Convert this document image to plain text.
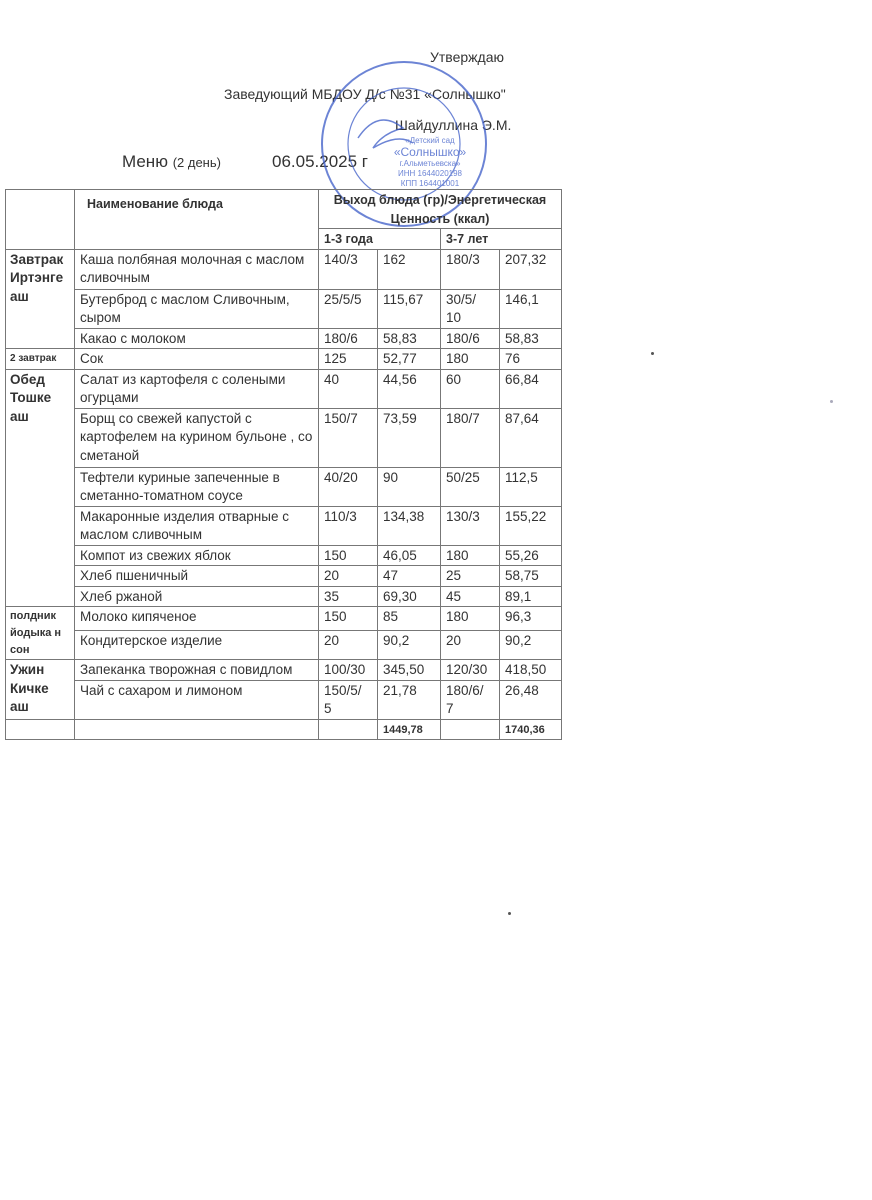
Утверждаю
Заведующий МБДОУ Д/с №31 «Солнышко"
Шайдуллина Э.М.
Меню (2 день)	06.05.2025 г
«Детский сад
«Солнышко»
г.Альметьевска»
ИНН 1644020198
КПП 164401001
	Наименование блюда	Выход блюда (гр)/Энергетическая Ценность (ккал)			
		1-3 года		3-7 лет	
Завтрак Иртэнге аш	Каша полбяная молочная с маслом сливочным	140/3	162	180/3	207,32
	Бутерброд с маслом Сливочным, сыром	25/5/5	115,67	30/5/ 10	146,1
	Какао с молоком	180/6	58,83	180/6	58,83
2 завтрак	Сок	125	52,77	180	76
Обед Тошке аш	Салат из картофеля с солеными огурцами	40	44,56	60	66,84
	Борщ со свежей капустой с картофелем на курином бульоне , со сметаной	150/7	73,59	180/7	87,64
	Тефтели куриные запеченные в сметанно-томатном соусе	40/20	90	50/25	112,5
	Макаронные изделия отварные с маслом сливочным	110/3	134,38	130/3	155,22
	Компот из свежих яблок	150	46,05	180	55,26
	Хлеб пшеничный	20	47	25	58,75
	Хлеб ржаной	35	69,30	45	89,1
полдник йодыка н сон	Молоко кипяченое	150	85	180	96,3
	Кондитерское изделие	20	90,2	20	90,2
Ужин Кичке аш	Запеканка творожная с повидлом	100/30	345,50	120/30	418,50
	Чай с сахаром и лимоном	150/5/ 5	21,78	180/6/ 7	26,48
			1449,78		1740,36
